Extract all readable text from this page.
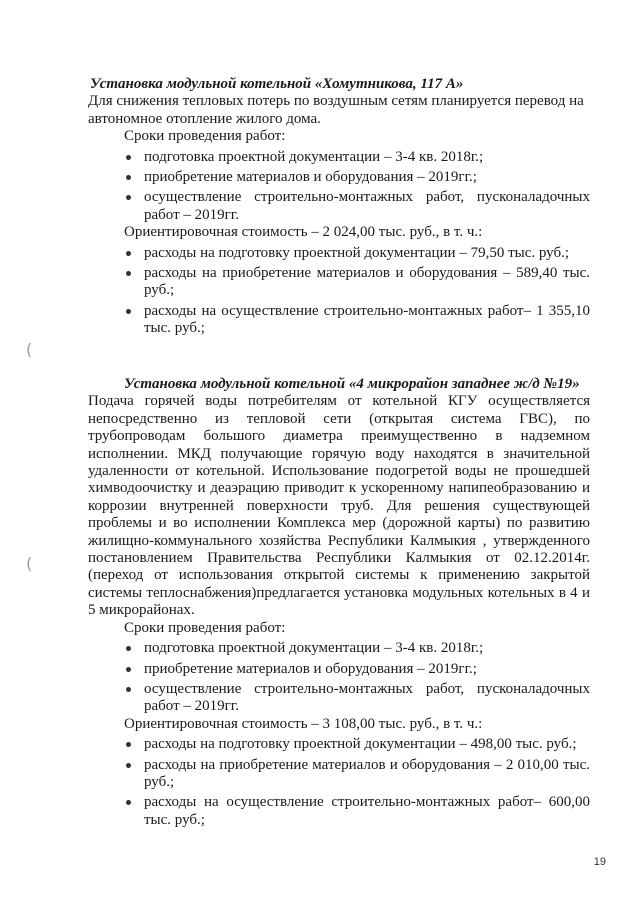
(
(
Установка модульной котельной «Хомутникова, 117 А»

Для снижения тепловых потерь по воздушным сетям планируется перевод на автономное отопление жилого дома.

Сроки проведения работ:

подготовка проектной документации – 3-4 кв. 2018г.;
приобретение материалов и оборудования – 2019гг.;
осуществление строительно-монтажных работ, пусконаладочных работ – 2019гг.

Ориентировочная стоимость – 2 024,00 тыс. руб., в т. ч.:

расходы на подготовку проектной документации – 79,50 тыс. руб.;
расходы на приобретение материалов и оборудования – 589,40 тыс. руб.;
расходы на осуществление строительно-монтажных работ– 1 355,10 тыс. руб.;
Установка модульной котельной «4 микрорайон западнее ж/д №19»

Подача горячей воды потребителям от котельной КГУ осуществляется непосредственно из тепловой сети (открытая система ГВС), по трубопроводам большого диаметра преимущественно в надземном исполнении. МКД получающие горячую воду находятся в значительной удаленности от котельной. Использование подогретой воды не прошедшей химводоочистку и деаэрацию приводит к ускоренному напипеобразованию и коррозии внутренней поверхности труб. Для решения существующей проблемы и во исполнении Комплекса мер (дорожной карты) по развитию жилищно-коммунального хозяйства Республики Калмыкия , утвержденного постановлением Правительства Республики Калмыкия от 02.12.2014г.(переход от использования открытой системы к применению закрытой системы теплоснабжения)предлагается установка модульных котельных в 4 и 5 микрорайонах.

Сроки проведения работ:

подготовка проектной документации – 3-4 кв. 2018г.;
приобретение материалов и оборудования – 2019гг.;
осуществление строительно-монтажных работ, пусконаладочных работ – 2019гг.

Ориентировочная стоимость – 3 108,00 тыс. руб., в т. ч.:

расходы на подготовку проектной документации – 498,00 тыс. руб.;
расходы на приобретение материалов и оборудования – 2 010,00 тыс. руб.;
расходы на осуществление строительно-монтажных работ– 600,00 тыс. руб.;
19
